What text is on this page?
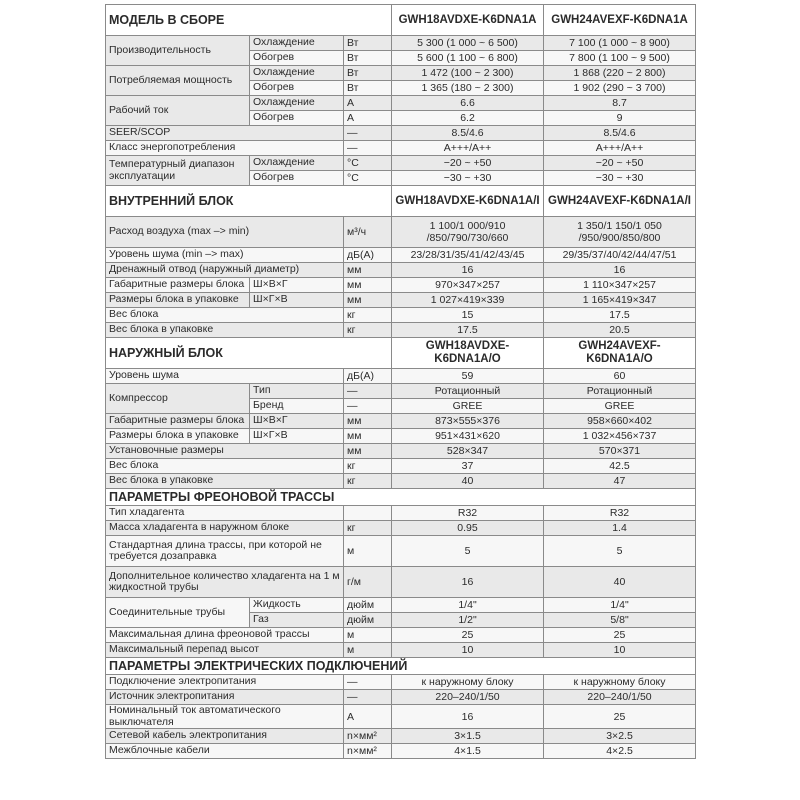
МОДЕЛЬ В СБОРЕ			GWH18AVDXE-K6DNA1A	GWH24AVEXF-K6DNA1A
Производительность	Охлаждение	Вт	5 300 (1 000 ~ 6 500)	7 100 (1 000 ~ 8 900)
	Обогрев	Вт	5 600 (1 100 ~ 6 800)	7 800 (1 100 ~ 9 500)
Потребляемая мощность	Охлаждение	Вт	1 472 (100 ~ 2 300)	1 868 (220 ~ 2 800)
	Обогрев	Вт	1 365 (180 ~ 2 300)	1 902 (290 ~ 3 700)
Рабочий ток	Охлаждение	А	6.6	8.7
	Обогрев	А	6.2	9
SEER/SCOP		—	8.5/4.6	8.5/4.6
Класс энергопотребления		—	A+++/A++	A+++/A++
Температурный диапазон эксплуатации	Охлаждение	°C	−20 ~ +50	−20 ~ +50
	Обогрев	°C	−30 ~ +30	−30 ~ +30
ВНУТРЕННИЙ БЛОК			GWH18AVDXE-K6DNA1A/I	GWH24AVEXF-K6DNA1A/I
Расход воздуха (max –> min)		м³/ч	1 100/1 000/910 /850/790/730/660	1 350/1 150/1 050 /950/900/850/800
Уровень шума (min –> max)		дБ(А)	23/28/31/35/41/42/43/45	29/35/37/40/42/44/47/51
Дренажный отвод (наружный диаметр)		мм	16	16
Габаритные размеры блока	Ш×В×Г	мм	970×347×257	1 110×347×257
Размеры блока в упаковке	Ш×Г×В	мм	1 027×419×339	1 165×419×347
Вес блока		кг	15	17.5
Вес блока в упаковке		кг	17.5	20.5
НАРУЖНЫЙ БЛОК			GWH18AVDXE-K6DNA1A/O	GWH24AVEXF-K6DNA1A/O
Уровень шума		дБ(А)	59	60
Компрессор	Тип	—	Ротационный	Ротационный
	Бренд	—	GREE	GREE
Габаритные размеры блока	Ш×В×Г	мм	873×555×376	958×660×402
Размеры блока в упаковке	Ш×Г×В	мм	951×431×620	1 032×456×737
Установочные размеры		мм	528×347	570×371
Вес блока		кг	37	42.5
Вес блока в упаковке		кг	40	47
ПАРАМЕТРЫ ФРЕОНОВОЙ ТРАССЫ				
Тип хладагента			R32	R32
Масса хладагента в наружном блоке		кг	0.95	1.4
Стандартная длина трассы, при которой не требуется дозаправка		м	5	5
Дополнительное количество хладагента на 1 м жидкостной трубы		г/м	16	40
Соединительные трубы	Жидкость	дюйм	1/4"	1/4"
	Газ	дюйм	1/2"	5/8"
Максимальная длина фреоновой трассы		м	25	25
Максимальный перепад высот		м	10	10
ПАРАМЕТРЫ ЭЛЕКТРИЧЕСКИХ ПОДКЛЮЧЕНИЙ				
Подключение электропитания		—	к наружному блоку	к наружному блоку
Источник электропитания		—	220–240/1/50	220–240/1/50
Номинальный ток автоматического выключателя		А	16	25
Сетевой кабель электропитания		n×мм²	3×1.5	3×2.5
Межблочные кабели		n×мм²	4×1.5	4×2.5
